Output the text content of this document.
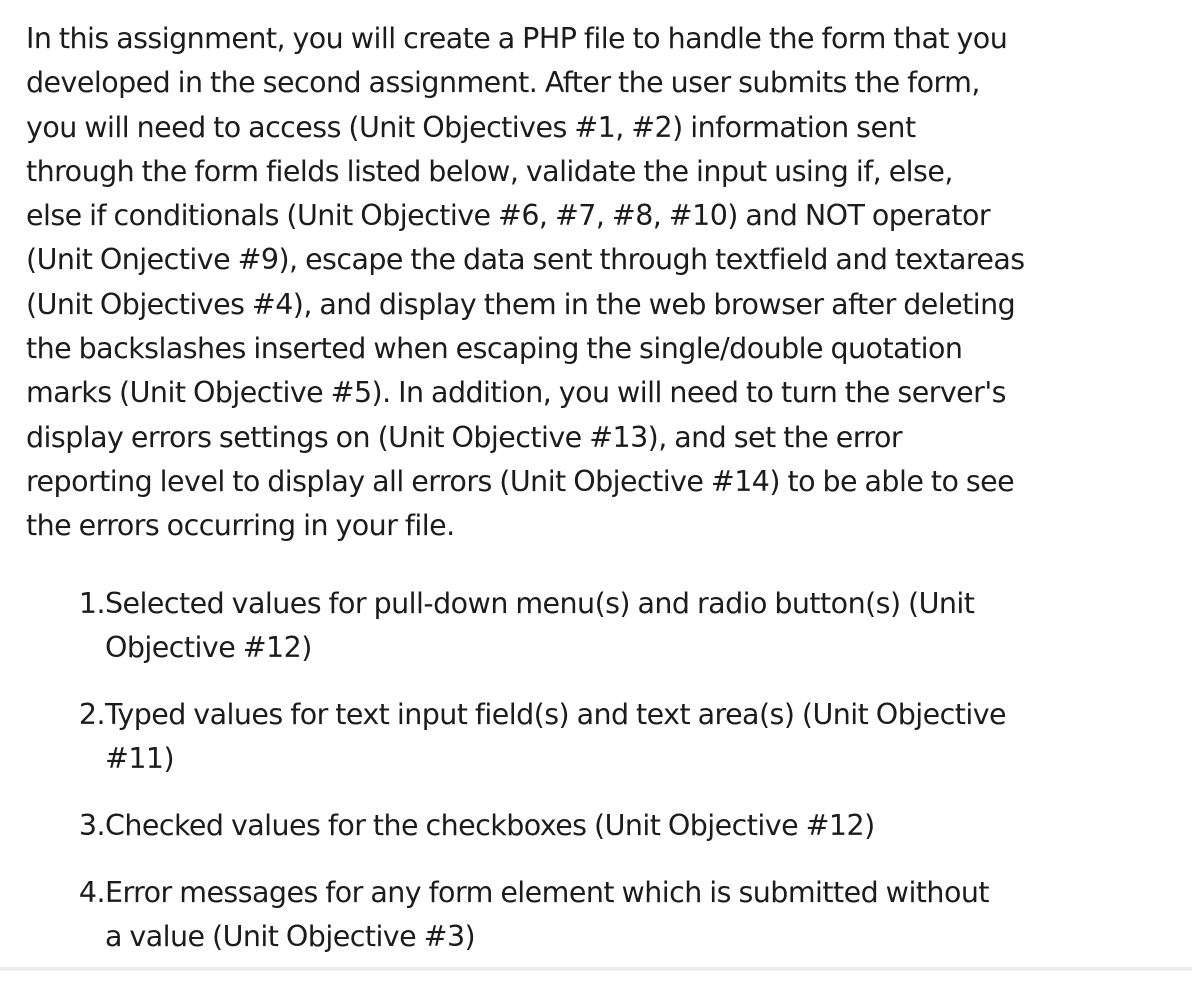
In this assignment, you will create a PHP file to handle the form that you
developed in the second assignment. After the user submits the form,
you will need to access (Unit Objectives #1, #2) information sent
through the form fields listed below, validate the input using if, else,
else if conditionals (Unit Objective #6, #7, #8, #10) and NOT operator
(Unit Onjective #9), escape the data sent through textfield and textareas
(Unit Objectives #4), and display them in the web browser after deleting
the backslashes inserted when escaping the single/double quotation
marks (Unit Objective #5). In addition, you will need to turn the server's
display errors settings on (Unit Objective #13), and set the error
reporting level to display all errors (Unit Objective #14) to be able to see
the errors occurring in your file.

1. Selected values for pull-down menu(s) and radio button(s) (Unit
Objective #12)
2. Typed values for text input field(s) and text area(s) (Unit Objective
#11)
3. Checked values for the checkboxes (Unit Objective #12)
4. Error messages for any form element which is submitted without
a value (Unit Objective #3)
